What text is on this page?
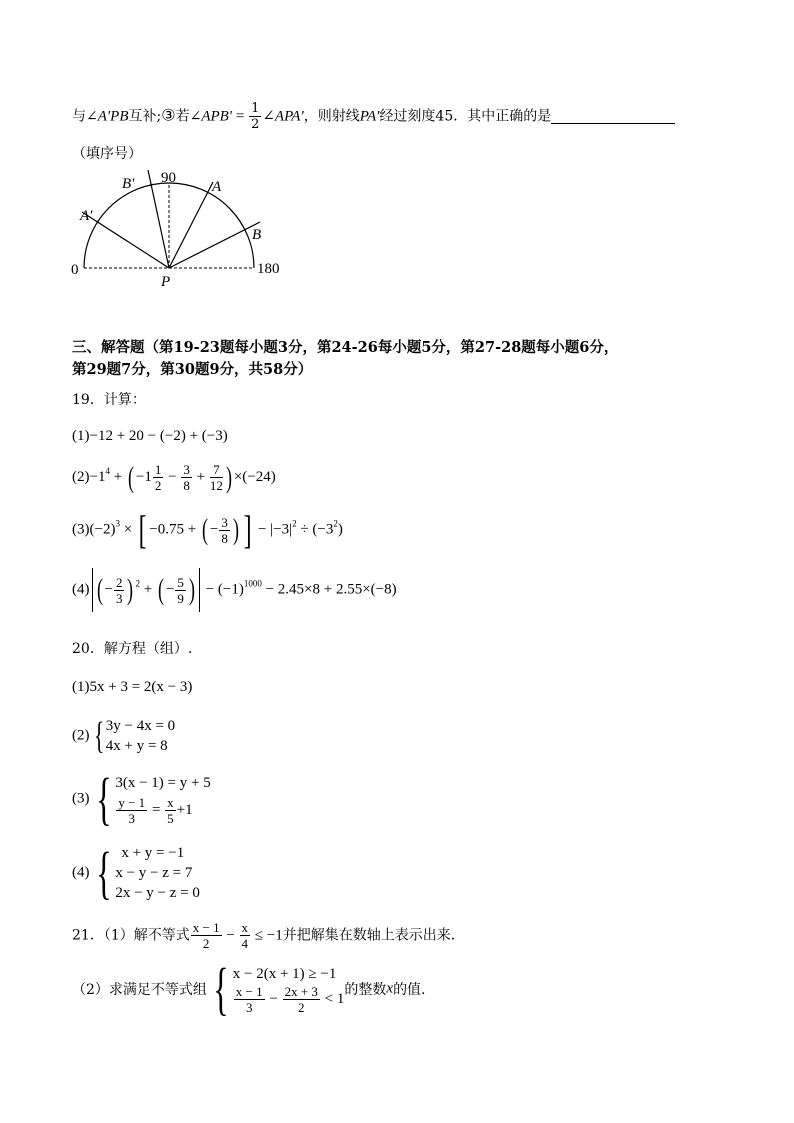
与∠A′PB互补;③若∠APB′ = $\frac{1}{2}$ ∠APA′，则射线PA′经过刻度45．其中正确的是
（填序号）
B′ 90
A
A′
B
0
P
180
三、解答题（第19-23题每小题3分，第24-26每小题5分，第27-28题每小题6分，
第29题7分，第30题9分，共58分）
19．计算：
(1)−12 + 20 − (−2) + (−3)
$(2)-1^4$ + ( $-1 \frac{1}{2} - \frac{3}{8} + \frac{7}{12}$ ) ×(−24)
$(3)(-2)^3$ × [ −0.75 + ( − $\frac{3}{8}$ ) ] − $|-3|^2 \div (-3^2)$
(4) ( − $\frac{2}{3}$ ) $^2$ + ( − $\frac{5}{9}$ ) − $(-1)^{1000} - 2.45\times 8 + 2.55\times(-8)$
20．解方程（组）.
(1)5x + 3 = 2(x − 3)
(2) { 3y − 4x = 0
4x + y = 8
(3) { 3(x − 1) = y + 5
$\frac{y - 1}{3} = \frac{x}{5} +1$
(4) { x + y = −1
x − y − z = 7
2x − y − z = 0
21．（1）解不等式 $\frac{x - 1}{2} - \frac{x}{4} \le -1$并把解集在数轴上表示出来．
（2）求满足不等式组 { x − 2(x + 1) ≥ −1
$\frac{x - 1}{3} - \frac{2x + 3}{2} < 1$
的整数x的值.
